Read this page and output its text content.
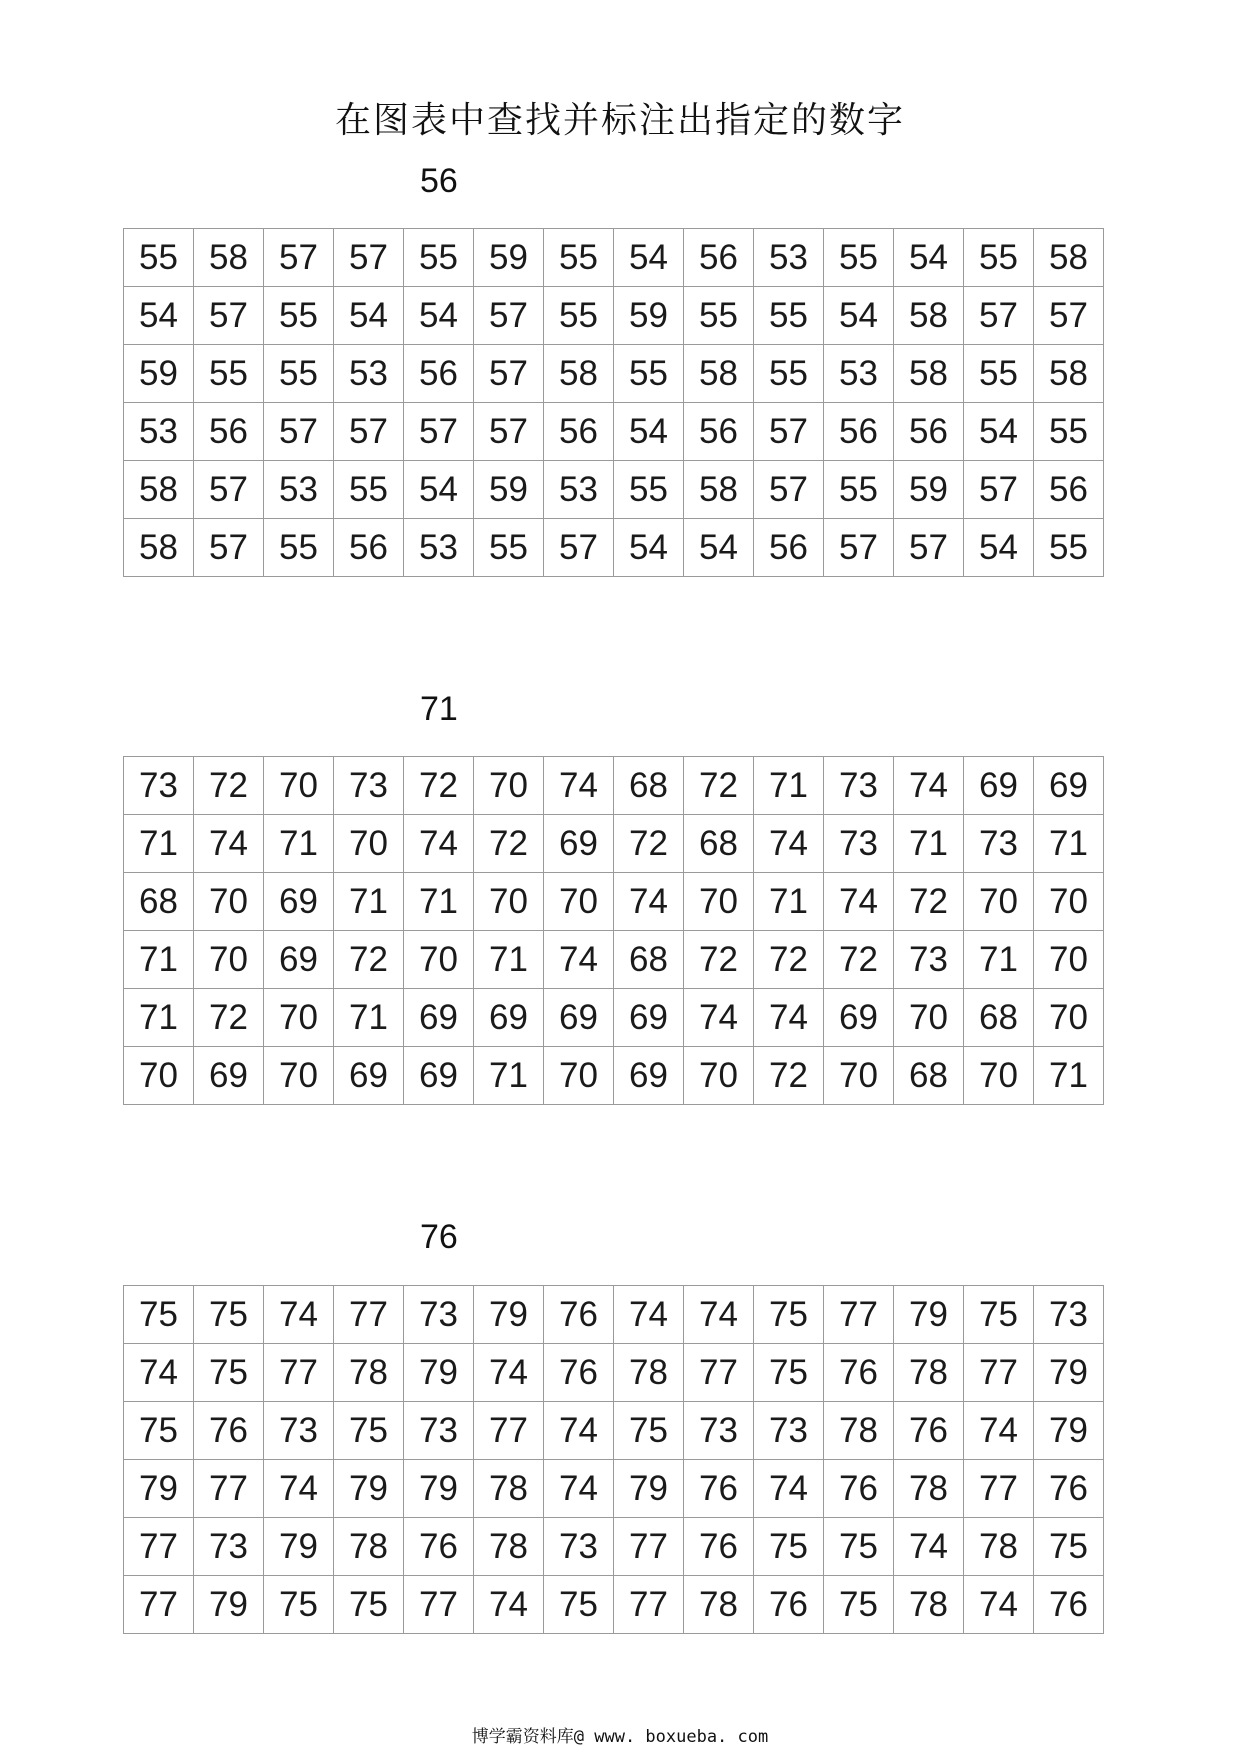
在图表中查找并标注出指定的数字
56
55	58	57	57	55	59	55	54	56	53	55	54	55	58
54	57	55	54	54	57	55	59	55	55	54	58	57	57
59	55	55	53	56	57	58	55	58	55	53	58	55	58
53	56	57	57	57	57	56	54	56	57	56	56	54	55
58	57	53	55	54	59	53	55	58	57	55	59	57	56
58	57	55	56	53	55	57	54	54	56	57	57	54	55
71
73	72	70	73	72	70	74	68	72	71	73	74	69	69
71	74	71	70	74	72	69	72	68	74	73	71	73	71
68	70	69	71	71	70	70	74	70	71	74	72	70	70
71	70	69	72	70	71	74	68	72	72	72	73	71	70
71	72	70	71	69	69	69	69	74	74	69	70	68	70
70	69	70	69	69	71	70	69	70	72	70	68	70	71
76
75	75	74	77	73	79	76	74	74	75	77	79	75	73
74	75	77	78	79	74	76	78	77	75	76	78	77	79
75	76	73	75	73	77	74	75	73	73	78	76	74	79
79	77	74	79	79	78	74	79	76	74	76	78	77	76
77	73	79	78	76	78	73	77	76	75	75	74	78	75
77	79	75	75	77	74	75	77	78	76	75	78	74	76
博学霸资料库@ www. boxueba. com
